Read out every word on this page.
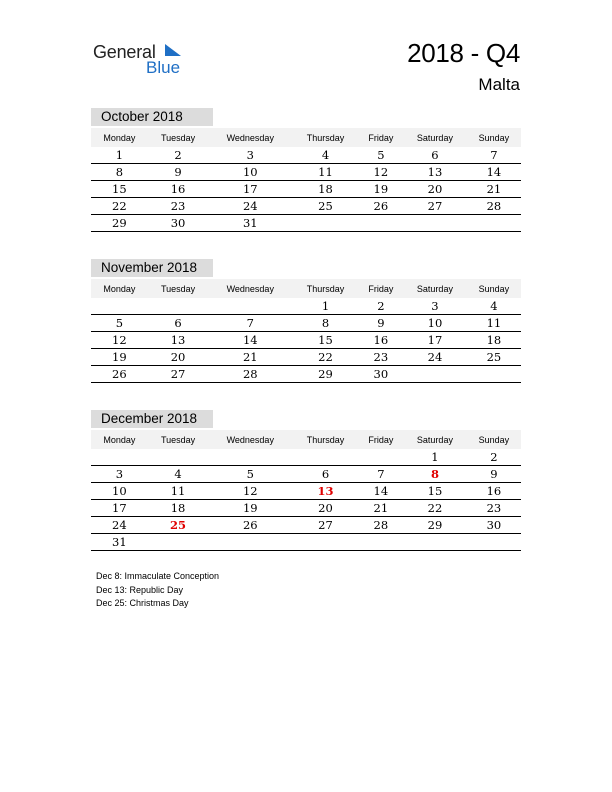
General
Blue	2018 - Q4
Malta
October 2018
Monday	Tuesday	Wednesday	Thursday	Friday	Saturday	Sunday
1	2	3	4	5	6	7
8	9	10	11	12	13	14
15	16	17	18	19	20	21
22	23	24	25	26	27	28
29	30	31				
November 2018
Monday	Tuesday	Wednesday	Thursday	Friday	Saturday	Sunday
			1	2	3	4
5	6	7	8	9	10	11
12	13	14	15	16	17	18
19	20	21	22	23	24	25
26	27	28	29	30		
December 2018
Monday	Tuesday	Wednesday	Thursday	Friday	Saturday	Sunday
					1	2
3	4	5	6	7	8	9
10	11	12	13	14	15	16
17	18	19	20	21	22	23
24	25	26	27	28	29	30
31						
Dec 8: Immaculate Conception
Dec 13: Republic Day
Dec 25: Christmas Day
